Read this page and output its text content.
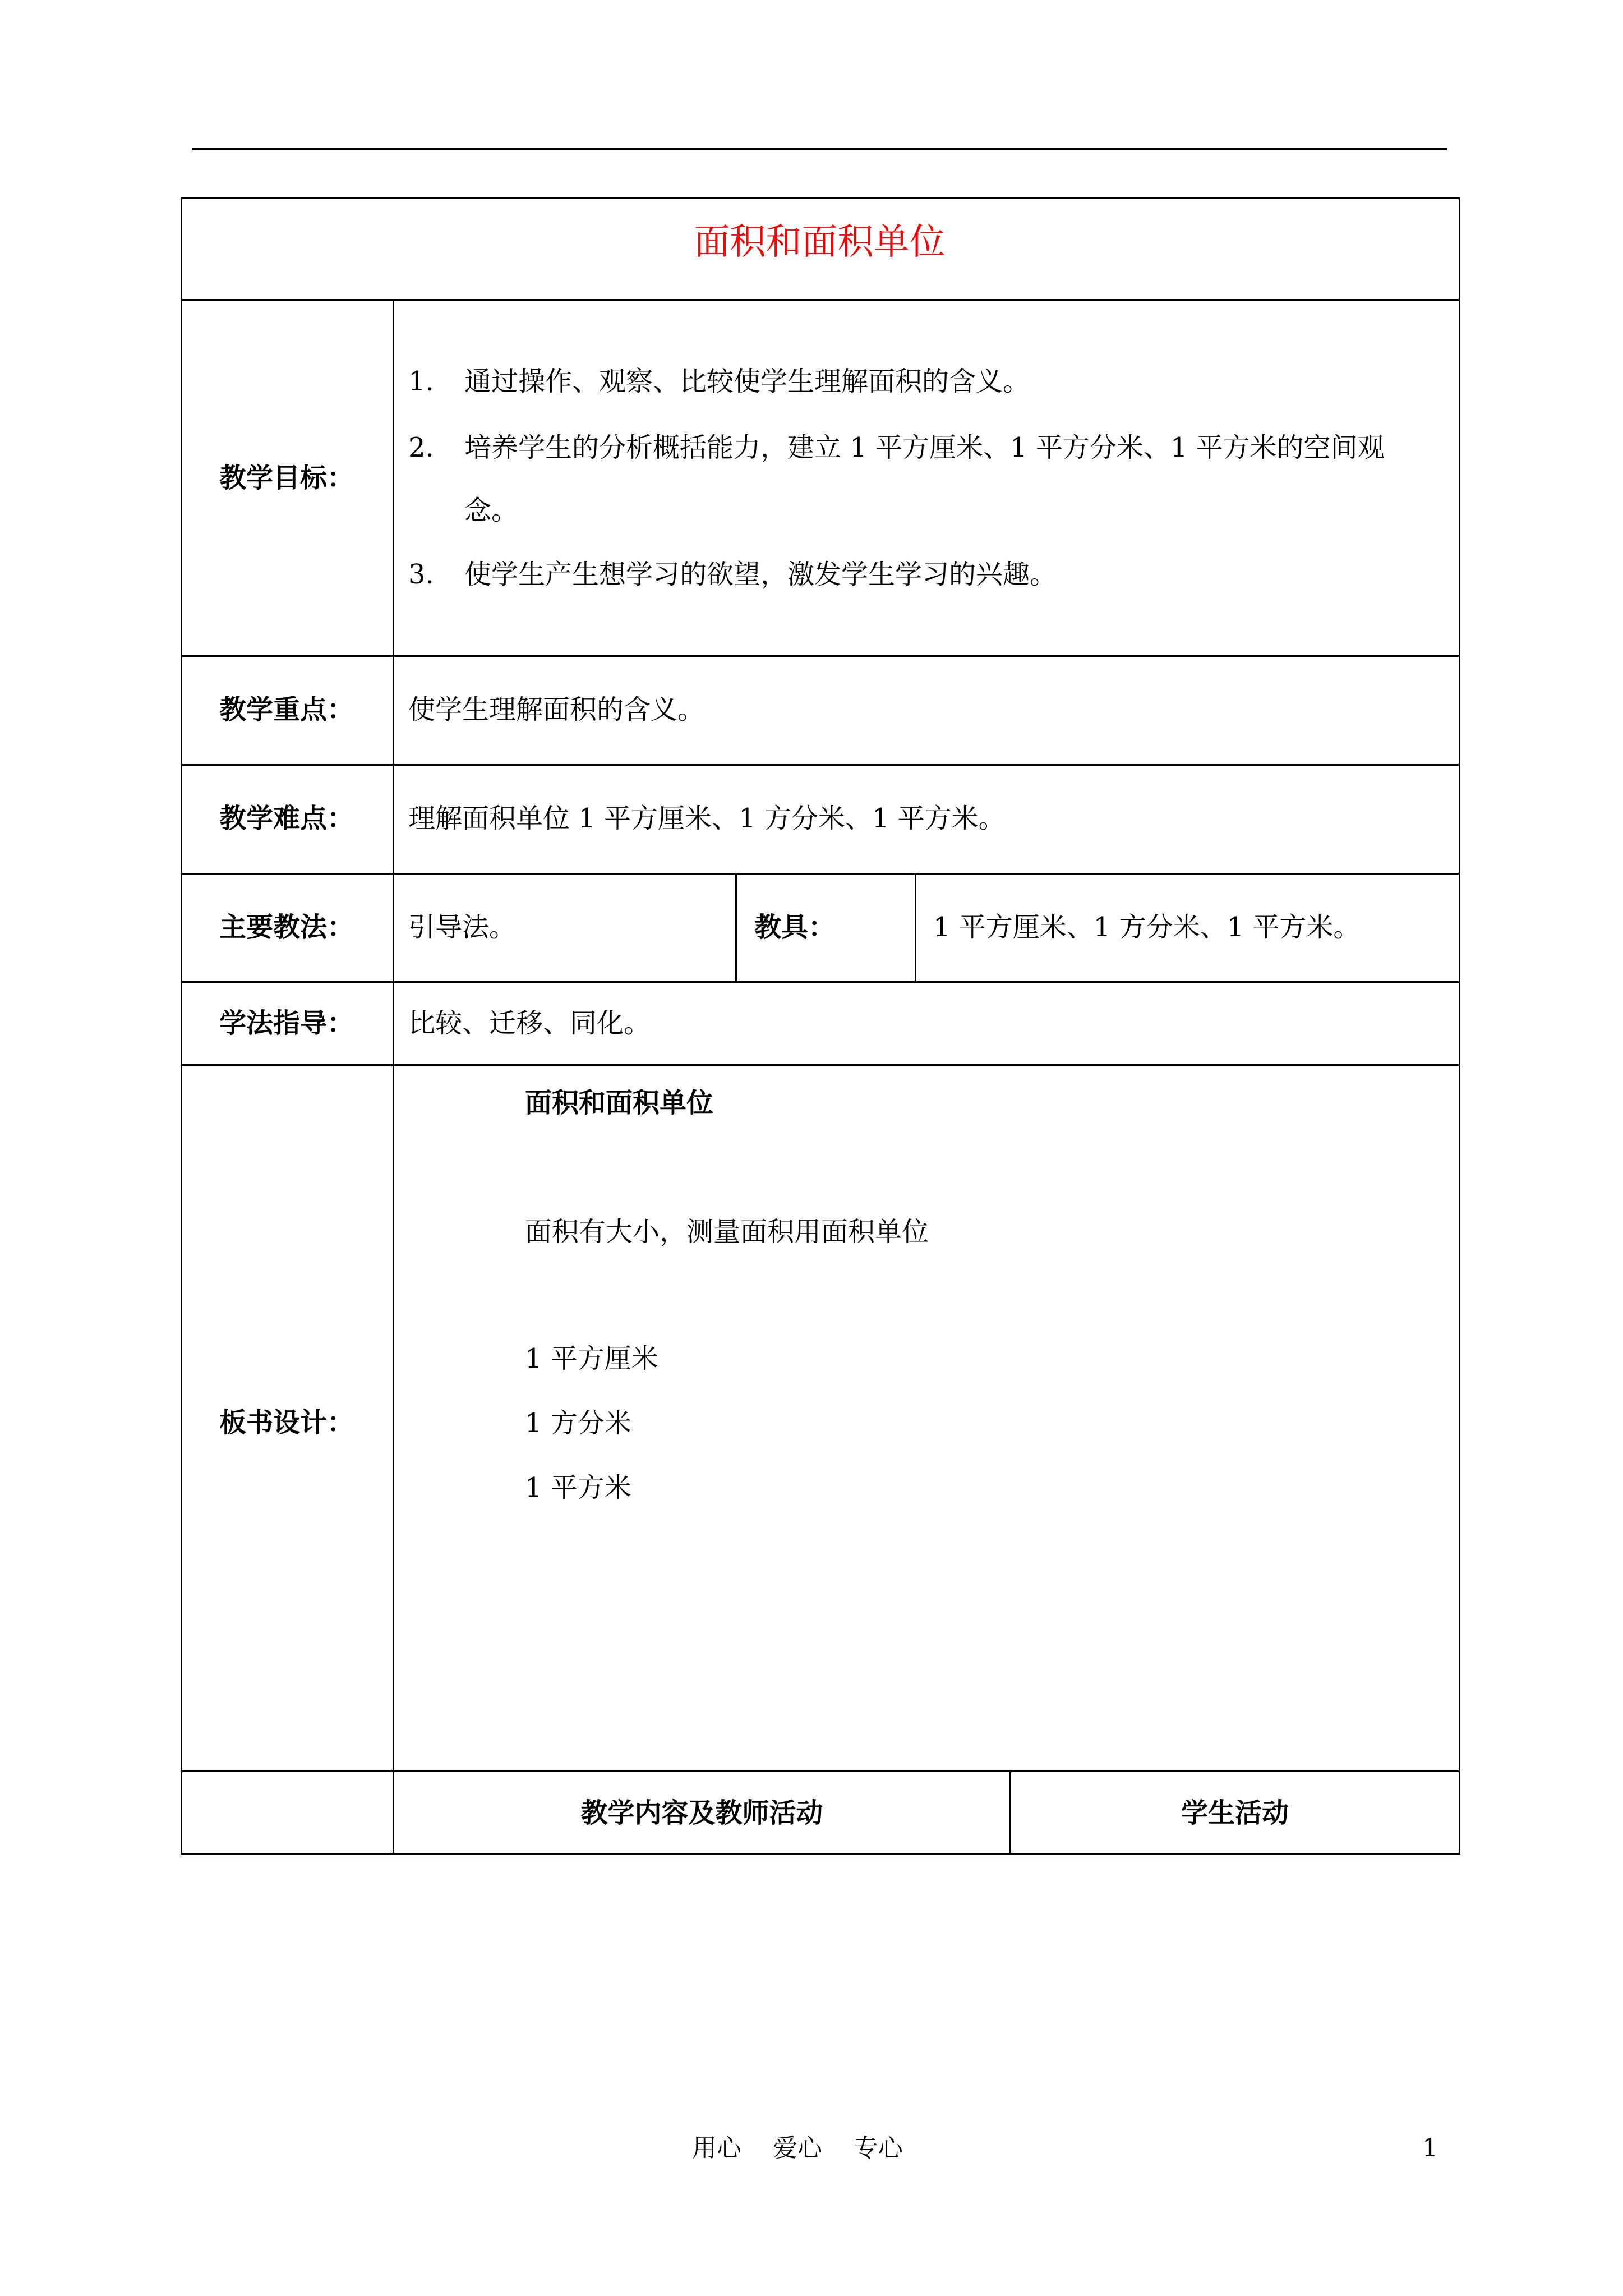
面积和面积单位
教学目标：
1. 通过操作、观察、比较使学生理解面积的含义。
2. 培养学生的分析概括能力，建立 1 平方厘米、1 平方分米、1 平方米的空间观
念。
3. 使学生产生想学习的欲望，激发学生学习的兴趣。
教学重点：	使学生理解面积的含义。
教学难点：	理解面积单位 1 平方厘米、1 方分米、1 平方米。
主要教法：	引导法。	教具：	1 平方厘米、1 方分米、1 平方米。
学法指导：	比较、迁移、同化。
板书设计：
面积和面积单位
面积有大小，测量面积用面积单位
1 平方厘米
1 方分米
1 平方米
教学内容及教师活动	学生活动
用心    爱心    专心	1
